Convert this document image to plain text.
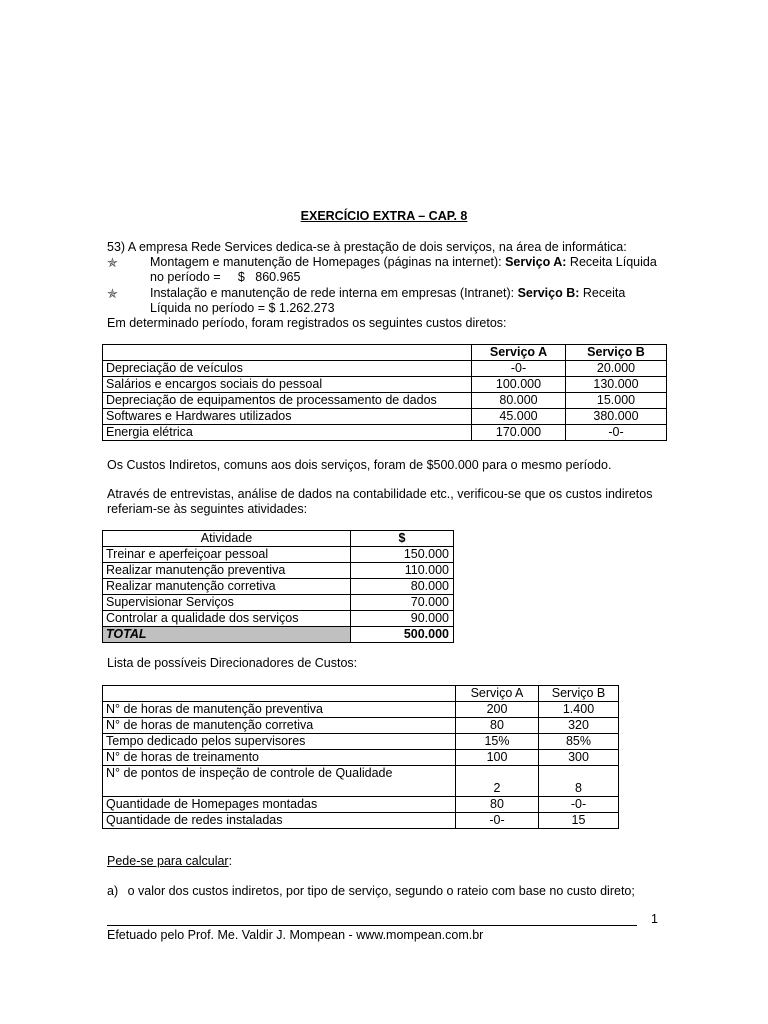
EXERCÍCIO EXTRA – CAP. 8
53) A empresa Rede Services dedica-se à prestação de dois serviços, na área de informática:
✯	Montagem e manutenção de Homepages (páginas na internet): Serviço A: Receita Líquida
no período =     $   860.965
✯	Instalação e manutenção de rede interna em empresas (Intranet): Serviço B: Receita
Líquida no período = $ 1.262.273
Em determinado período, foram registrados os seguintes custos diretos:
	Serviço A	Serviço B
Depreciação de veículos	-0-	20.000
Salários e encargos sociais do pessoal	100.000	130.000
Depreciação de equipamentos de processamento de dados	80.000	15.000
Softwares e Hardwares utilizados	45.000	380.000
Energia elétrica	170.000	-0-
Os Custos Indiretos, comuns aos dois serviços, foram de $500.000 para o mesmo período.
Através de entrevistas, análise de dados na contabilidade etc., verificou-se que os custos indiretos
referiam-se às seguintes atividades:
Atividade	$
Treinar e aperfeiçoar pessoal	150.000
Realizar manutenção preventiva	110.000
Realizar manutenção corretiva	80.000
Supervisionar Serviços	70.000
Controlar a qualidade dos serviços	90.000
TOTAL	500.000
Lista de possíveis Direcionadores de Custos:
	Serviço A	Serviço B
N° de horas de manutenção preventiva	200	1.400
N° de horas de manutenção corretiva	80	320
Tempo dedicado pelos supervisores	15%	85%
N° de horas de treinamento	100	300
N° de pontos de inspeção de controle de Qualidade	2	8
Quantidade de Homepages montadas	80	-0-
Quantidade de redes instaladas	-0-	15
Pede-se para calcular:
a) o valor dos custos indiretos, por tipo de serviço, segundo o rateio com base no custo direto;
1
Efetuado pelo Prof. Me. Valdir J. Mompean - www.mompean.com.br
